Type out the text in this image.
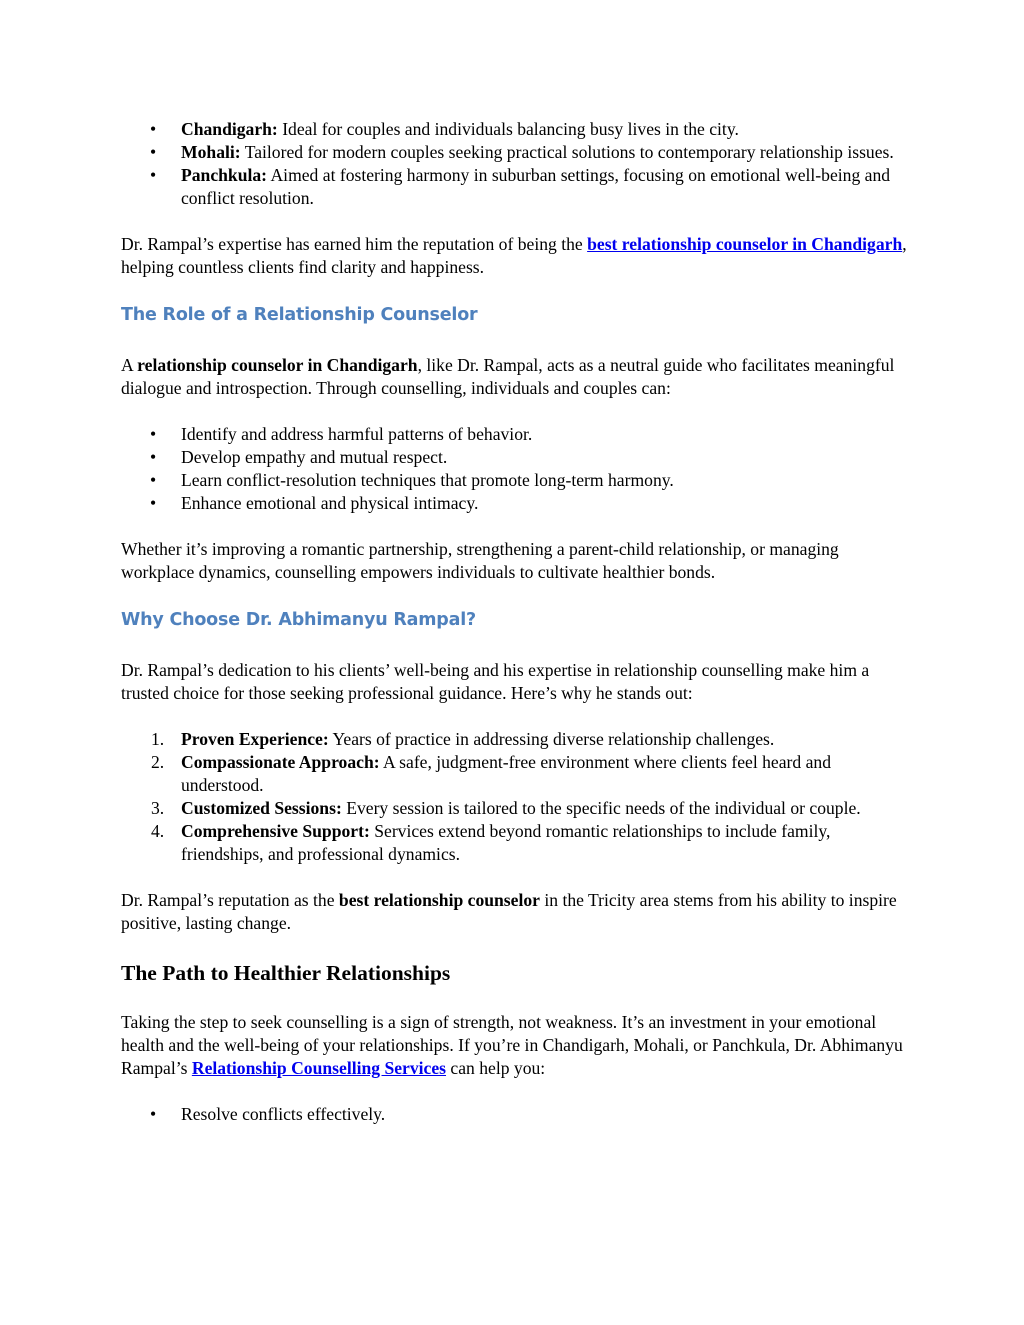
• Chandigarh: Ideal for couples and individuals balancing busy lives in the city.
• Mohali: Tailored for modern couples seeking practical solutions to contemporary relationship issues.
• Panchkula: Aimed at fostering harmony in suburban settings, focusing on emotional well-being and conflict resolution.

Dr. Rampal’s expertise has earned him the reputation of being the best relationship counselor in Chandigarh, helping countless clients find clarity and happiness.

The Role of a Relationship Counselor

A relationship counselor in Chandigarh, like Dr. Rampal, acts as a neutral guide who facilitates meaningful dialogue and introspection. Through counselling, individuals and couples can:

• Identify and address harmful patterns of behavior.
• Develop empathy and mutual respect.
• Learn conflict-resolution techniques that promote long-term harmony.
• Enhance emotional and physical intimacy.

Whether it’s improving a romantic partnership, strengthening a parent-child relationship, or managing workplace dynamics, counselling empowers individuals to cultivate healthier bonds.

Why Choose Dr. Abhimanyu Rampal?

Dr. Rampal’s dedication to his clients’ well-being and his expertise in relationship counselling make him a trusted choice for those seeking professional guidance. Here’s why he stands out:

1. Proven Experience: Years of practice in addressing diverse relationship challenges.
2. Compassionate Approach: A safe, judgment-free environment where clients feel heard and understood.
3. Customized Sessions: Every session is tailored to the specific needs of the individual or couple.
4. Comprehensive Support: Services extend beyond romantic relationships to include family, friendships, and professional dynamics.

Dr. Rampal’s reputation as the best relationship counselor in the Tricity area stems from his ability to inspire positive, lasting change.

The Path to Healthier Relationships

Taking the step to seek counselling is a sign of strength, not weakness. It’s an investment in your emotional health and the well-being of your relationships. If you’re in Chandigarh, Mohali, or Panchkula, Dr. Abhimanyu Rampal’s Relationship Counselling Services can help you:

• Resolve conflicts effectively.
